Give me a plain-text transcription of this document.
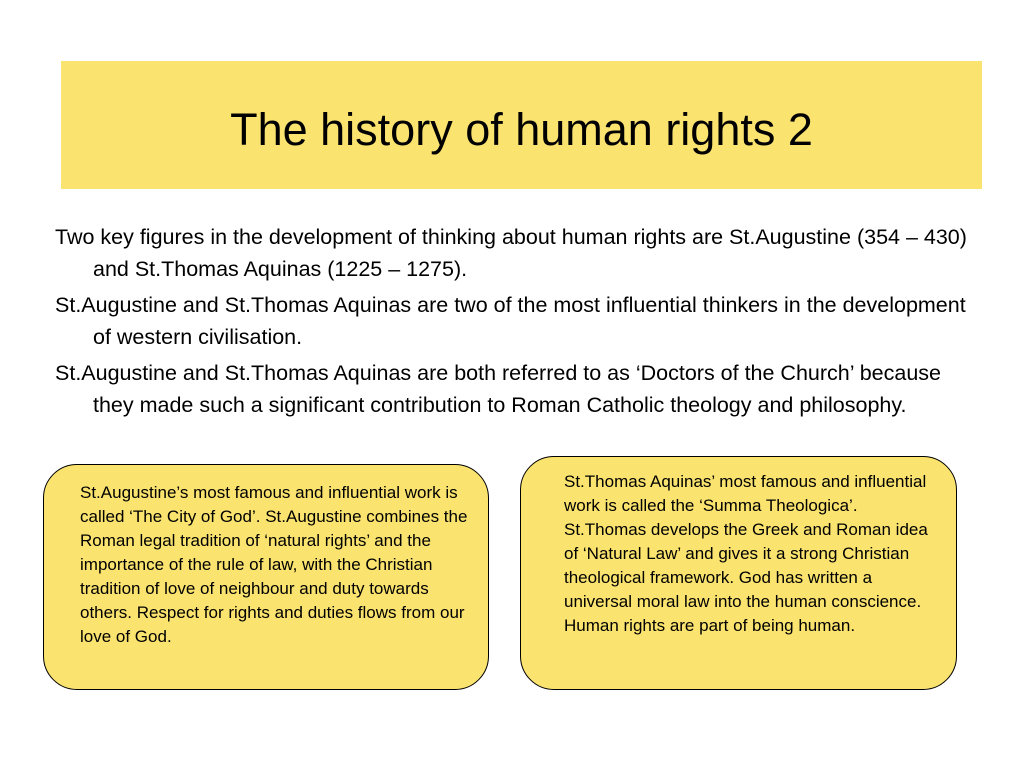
The history of human rights 2

Two key figures in the development of thinking about human rights are St.Augustine (354 – 430) and St.Thomas Aquinas (1225 – 1275).

St.Augustine and St.Thomas Aquinas are two of the most influential thinkers in the development of western civilisation.

St.Augustine and St.Thomas Aquinas are both referred to as ‘Doctors of the Church’ because they made such a significant contribution to Roman Catholic theology and philosophy.

St.Augustine’s most famous and influential work is called ‘The City of God’. St.Augustine combines the Roman legal tradition of ‘natural rights’ and the importance of the rule of law, with the Christian tradition of love of neighbour and duty towards others. Respect for rights and duties flows from our love of God.

St.Thomas Aquinas’ most famous and influential work is called the ‘Summa Theologica’. St.Thomas develops the Greek and Roman idea of ‘Natural Law’ and gives it a strong Christian theological framework. God has written a universal moral law into the human conscience. Human rights are part of being human.
